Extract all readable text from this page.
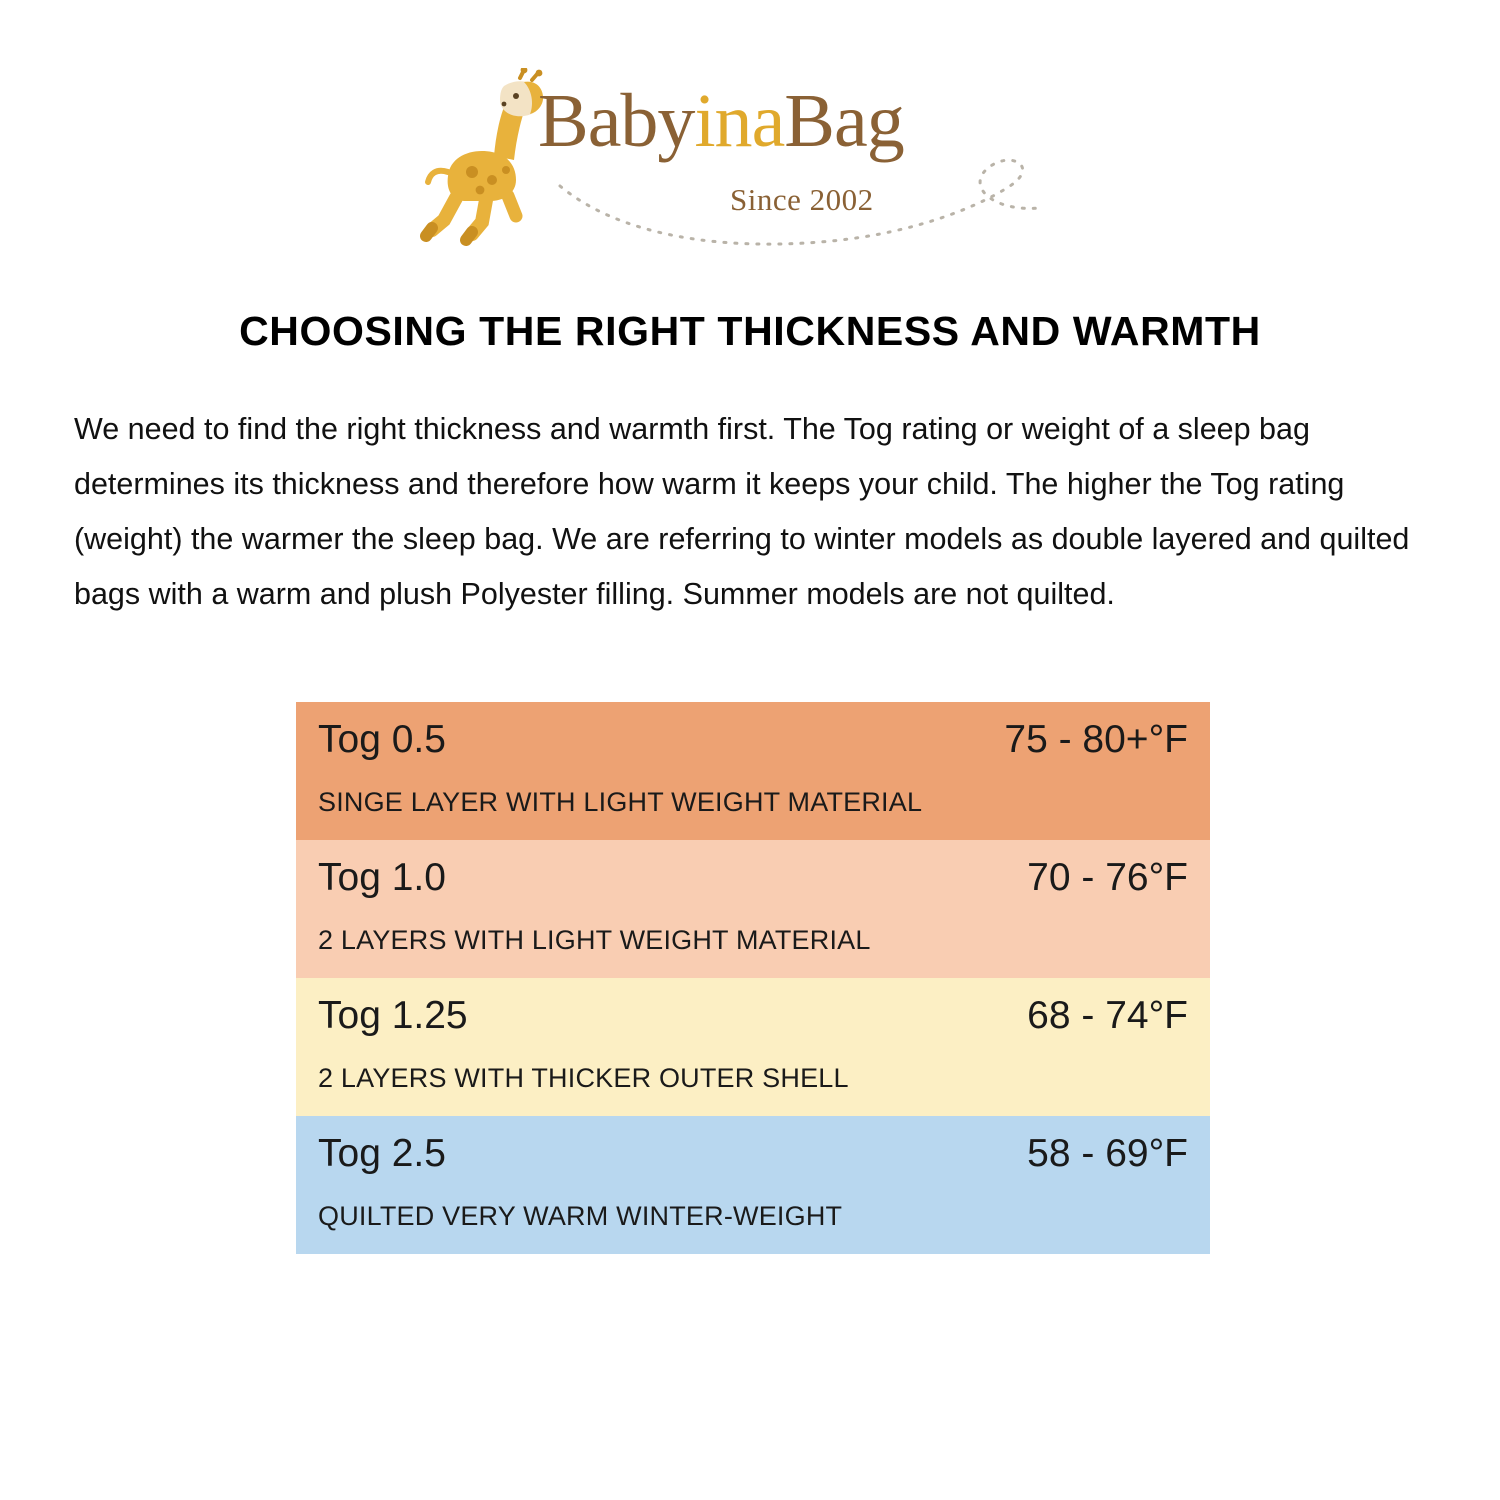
BabyinaBag
Since 2002
CHOOSING THE RIGHT THICKNESS AND WARMTH
We need to find the right thickness and warmth first. The Tog rating or weight of a sleep bag determines its thickness and therefore how warm it keeps your child. The higher the Tog rating (weight) the warmer the sleep bag. We are referring to winter models as double layered and quilted bags with a warm and plush Polyester filling. Summer models are not quilted.
Tog 0.5	75 - 80+°F
SINGE LAYER WITH LIGHT WEIGHT MATERIAL
Tog 1.0	70 - 76°F
2 LAYERS WITH LIGHT WEIGHT MATERIAL
Tog 1.25	68 - 74°F
2 LAYERS WITH THICKER OUTER SHELL
Tog 2.5	58 - 69°F
QUILTED VERY WARM WINTER-WEIGHT
